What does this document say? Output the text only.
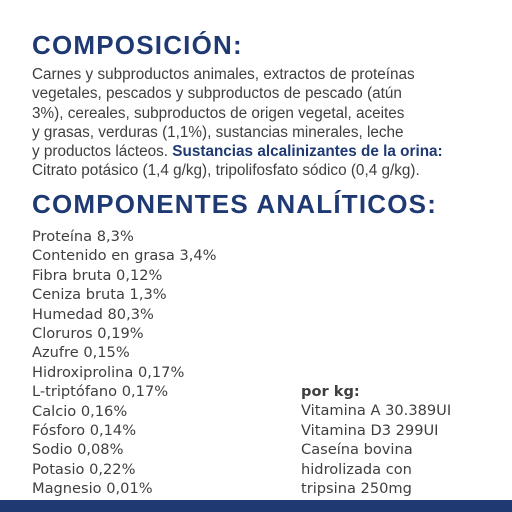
COMPOSICIÓN:

Carnes y subproductos animales, extractos de proteínas
vegetales, pescados y subproductos de pescado (atún
3%), cereales, subproductos de origen vegetal, aceites
y grasas, verduras (1,1%), sustancias minerales, leche
y productos lácteos. Sustancias alcalinizantes de la orina:
Citrato potásico (1,4 g/kg), tripolifosfato sódico (0,4 g/kg).

COMPONENTES ANALÍTICOS:
Proteína 8,3%
Contenido en grasa 3,4%
Fibra bruta 0,12%
Ceniza bruta 1,3%
Humedad 80,3%
Cloruros 0,19%
Azufre 0,15%
Hidroxiprolina 0,17%
L-triptófano 0,17%
Calcio 0,16%
Fósforo 0,14%
Sodio 0,08%
Potasio 0,22%
Magnesio 0,01%
por kg:
Vitamina A 30.389UI
Vitamina D3 299UI
Caseína bovina
hidrolizada con
tripsina 250mg
